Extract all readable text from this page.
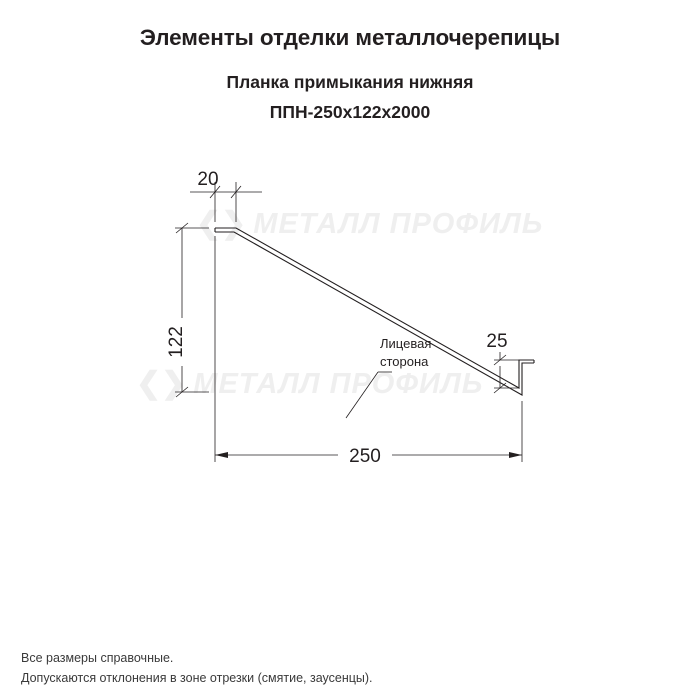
Элементы отделки металлочерепицы
Планка примыкания нижняя
ППН-250х122х2000
❮❯ МЕТАЛЛ ПРОФИЛЬ
❮❯ МЕТАЛЛ ПРОФИЛЬ
20
122
250
25
Лицевая
сторона
Все размеры справочные.
Допускаются отклонения в зоне отрезки (смятие, заусенцы).
